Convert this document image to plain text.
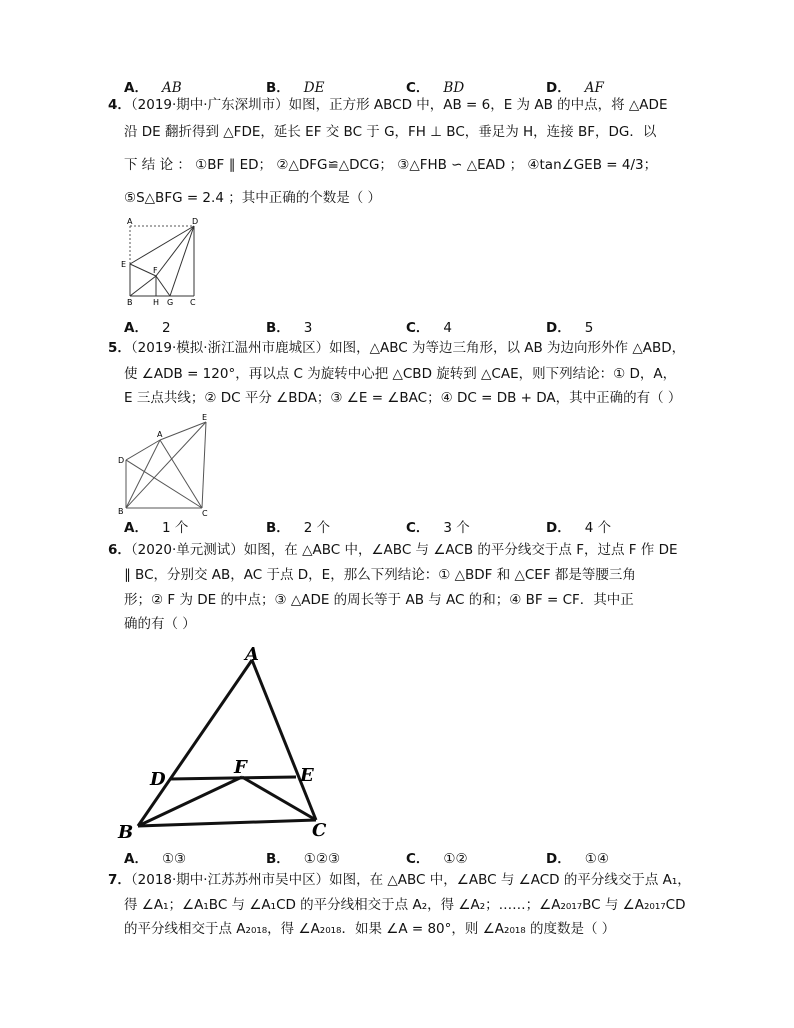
A． AB	B． DE	C． BD	D． AF
4．（2019·期中·广东深圳市）如图，正方形 ABCD 中，AB = 6，E 为 AB 的中点，将 △ADE
沿 DE 翻折得到 △FDE，延长 EF 交 BC 于 G，FH ⊥ BC，垂足为 H，连接 BF，DG．以
下 结 论 ： ①BF ∥ ED； ②△DFG≌△DCG； ③△FHB ∽ △EAD ； ④tan∠GEB = 4/3；
⑤S△BFG = 2.4 ；其中正确的个数是（ ）
A	D
E
F
B	H G C
A． 2	B． 3	C． 4	D． 5
5．（2019·模拟·浙江温州市鹿城区）如图，△ABC 为等边三角形，以 AB 为边向形外作 △ABD，
使 ∠ADB = 120°，再以点 C 为旋转中心把 △CBD 旋转到 △CAE，则下列结论：① D，A，
E 三点共线；② DC 平分 ∠BDA；③ ∠E = ∠BAC；④ DC = DB + DA，其中正确的有（ ）
E
A
D
B	C
A． 1 个	B． 2 个	C． 3 个	D． 4 个
6．（2020·单元测试）如图，在 △ABC 中，∠ABC 与 ∠ACB 的平分线交于点 F，过点 F 作 DE
∥ BC，分别交 AB，AC 于点 D，E，那么下列结论：① △BDF 和 △CEF 都是等腰三角
形；② F 为 DE 的中点；③ △ADE 的周长等于 AB 与 AC 的和；④ BF = CF．其中正
确的有（ ）
A
F
D	E
B	C
A． ①③	B． ①②③	C． ①②	D． ①④
7．（2018·期中·江苏苏州市吴中区）如图，在 △ABC 中，∠ABC 与 ∠ACD 的平分线交于点 A₁，
得 ∠A₁；∠A₁BC 与 ∠A₁CD 的平分线相交于点 A₂，得 ∠A₂；……；∠A₂₀₁₇BC 与 ∠A₂₀₁₇CD
的平分线相交于点 A₂₀₁₈，得 ∠A₂₀₁₈．如果 ∠A = 80°，则 ∠A₂₀₁₈ 的度数是（ ）
